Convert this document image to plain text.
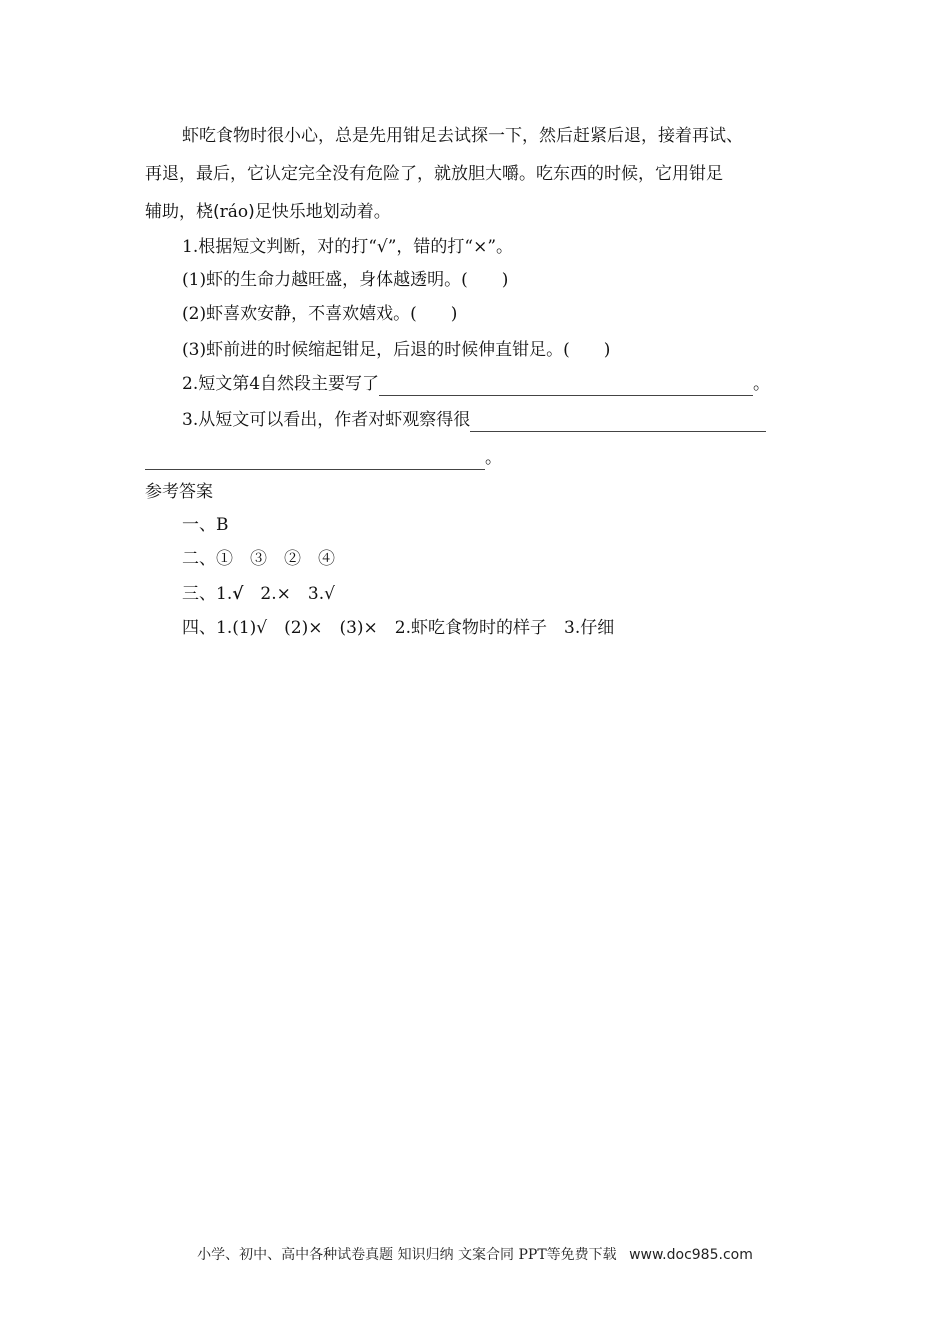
虾吃食物时很小心，总是先用钳足去试探一下，然后赶紧后退，接着再试、
再退，最后，它认定完全没有危险了，就放胆大嚼。吃东西的时候，它用钳足
辅助，桡(ráo)足快乐地划动着。
1.根据短文判断，对的打“√”，错的打“×”。
(1)虾的生命力越旺盛，身体越透明。(　　)
(2)虾喜欢安静，不喜欢嬉戏。(　　)
(3)虾前进的时候缩起钳足，后退的时候伸直钳足。(　　)
2.短文第4自然段主要写了	。
3.从短文可以看出，作者对虾观察得很
。
参考答案
一、B
二、①　③　②　④
三、1.√　2.×　3.√
四、1.(1)√　(2)×　(3)×　2.虾吃食物时的样子　3.仔细
小学、初中、高中各种试卷真题 知识归纳 文案合同 PPT等免费下载 www.doc985.com
